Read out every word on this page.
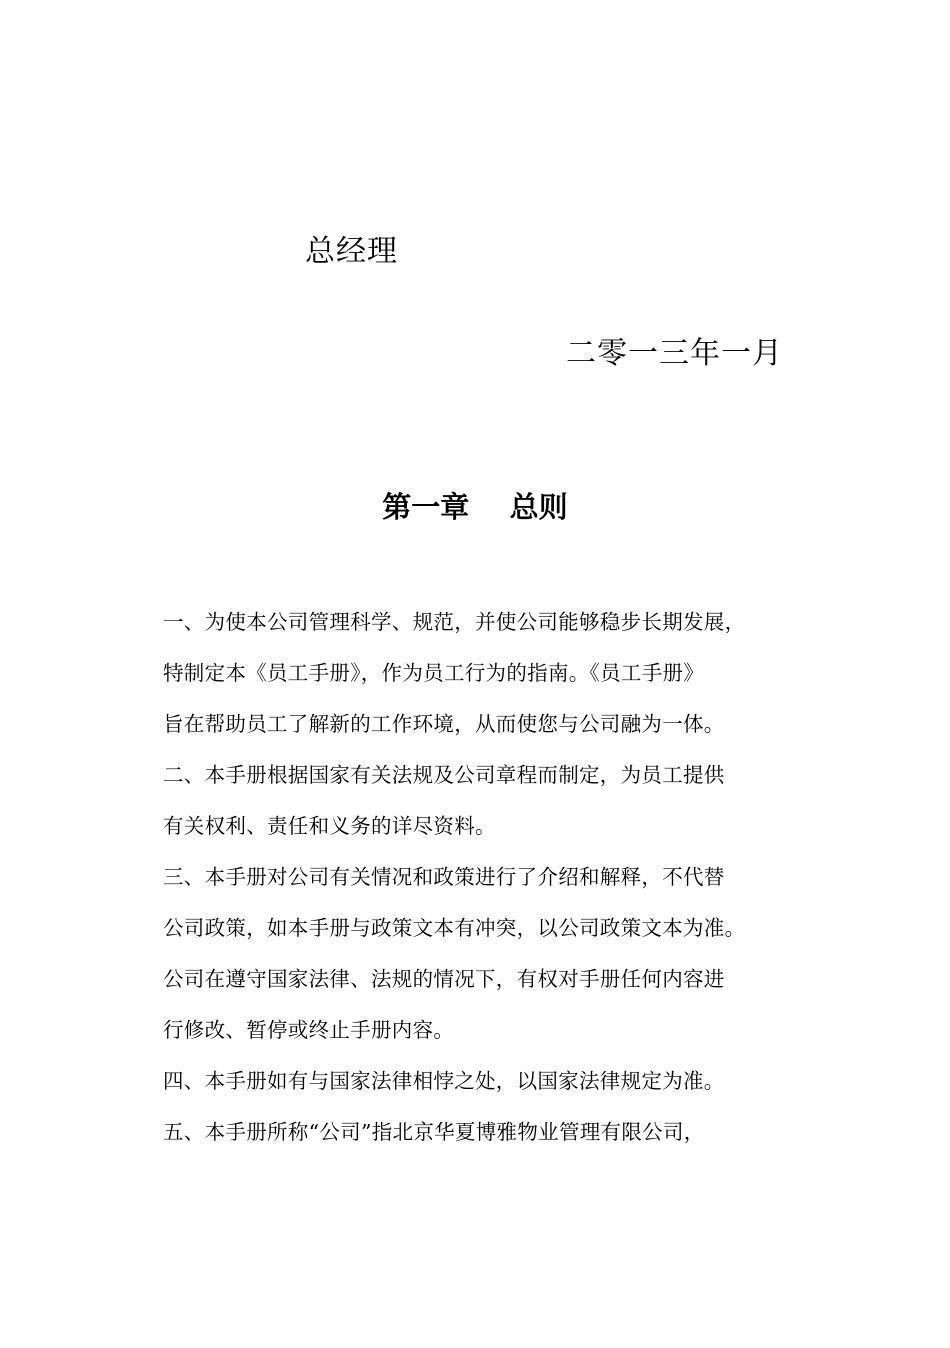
总经理
二零一三年一月
第一章    总则
一、为使本公司管理科学、规范，并使公司能够稳步长期发展，
特制定本《员工手册》，作为员工行为的指南。《员工手册》
旨在帮助员工了解新的工作环境，从而使您与公司融为一体。
二、本手册根据国家有关法规及公司章程而制定，为员工提供
有关权利、责任和义务的详尽资料。
三、本手册对公司有关情况和政策进行了介绍和解释，不代替
公司政策，如本手册与政策文本有冲突，以公司政策文本为准。
公司在遵守国家法律、法规的情况下，有权对手册任何内容进
行修改、暂停或终止手册内容。
四、本手册如有与国家法律相悖之处，以国家法律规定为准。
五、本手册所称“公司”指北京华夏博雅物业管理有限公司，
